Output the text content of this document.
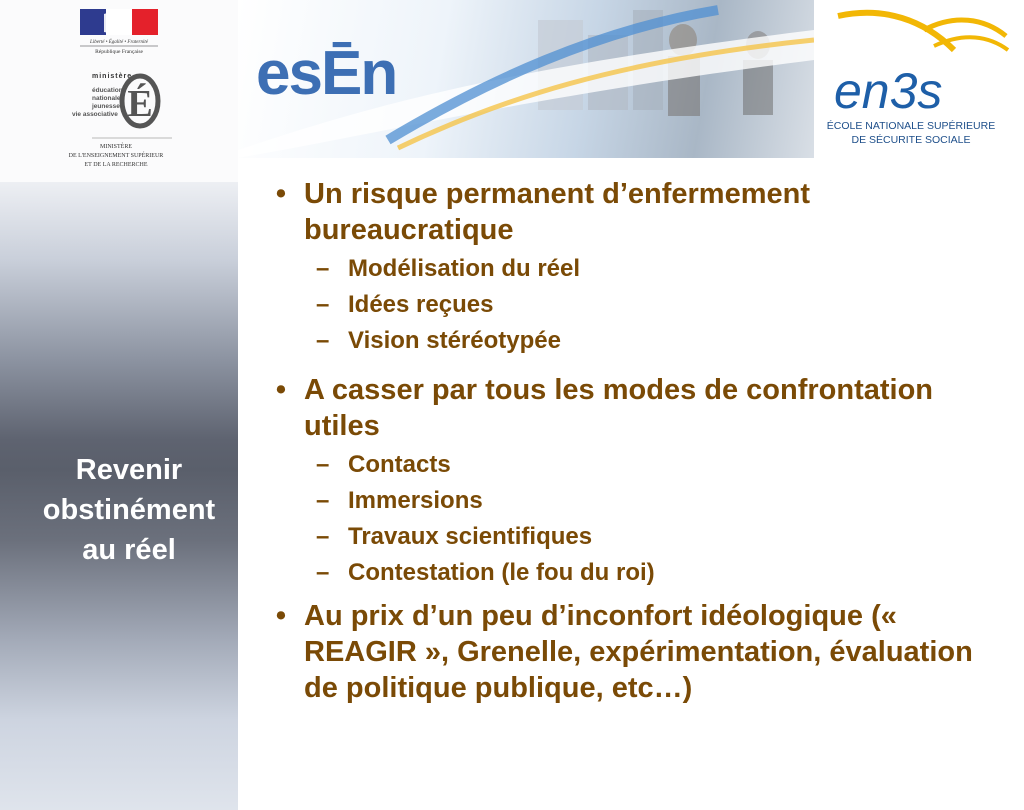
Liberté • Égalité • Fraternité
République Française
ministère
éducation
nationale
jeunesse
vie associative É
MINISTÈRE
DE L'ENSEIGNEMENT SUPÉRIEUR
ET DE LA RECHERCHE
Revenir
obstinément
au réel
esĒn	en3s
ÉCOLE NATIONALE SUPÉRIEURE
DE SÉCURITE SOCIALE
• Un risque permanent d’enfermement bureaucratique
– Modélisation du réel
– Idées reçues
– Vision stéréotypée
• A casser par tous les modes de confrontation utiles
– Contacts
– Immersions
– Travaux scientifiques
– Contestation (le fou du roi)
• Au prix d’un peu d’inconfort idéologique (« REAGIR », Grenelle, expérimentation, évaluation de politique publique, etc…)
